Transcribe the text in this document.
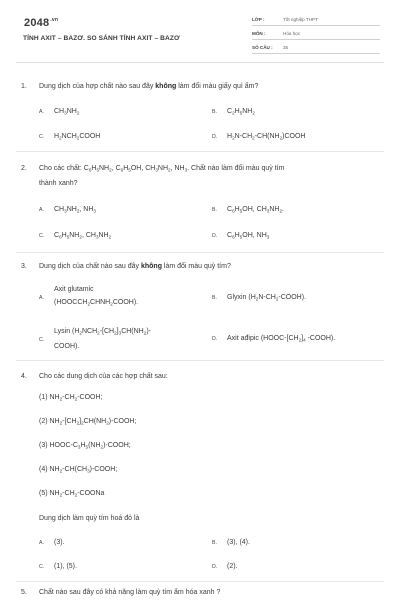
$2048^{.vn}$
TÍNH AXIT – BAZƠ. SO SÁNH TÍNH AXIT – BAZƠ
LỚP :	Tốt nghiệp THPT
MÔN :	Hóa học
SỐ CÂU : 35
1. Dung dịch của hợp chất nào sau đây không làm đổi màu giấy quì ẩm?
A. $CH_3NH_2$	B. $C_2H_5NH_2$
C. $H_2NCH_2COOH$	D. $H_2N-CH_2-CH(NH_2)COOH$
2. Cho các chất: $C_6H_5NH_2$, $C_6H_5OH$, $CH_3NH_2$, $NH_3$. Chất nào làm đổi màu quỳ tím
thành xanh?
A. $CH_3NH_2$, $NH_3$	B. $C_6H_5OH$, $CH_3NH_2$.
C. $C_6H_5NH_2$, $CH_3NH_2$	D. $C_6H_5OH$, $NH_3$
3. Dung dịch của chất nào sau đây không làm đổi màu quỳ tím?
A.
Axit glutamic
$(HOOCCH_2CHNH_2COOH)$.
B. Glyxin $(H_2N-CH_2-COOH)$.
C.
Lysin ($H_2NCH_2-[CH_2]_3CH(NH_2)-$
COOH).
D. Axit ađipic ($HOOC-[CH_2]_4$ -COOH).
4. Cho các dung dịch của các hợp chất sau:
(1) $NH_2-CH_2$-COOH;
(2) $NH_2-[CH_2]_2CH(NH_2)$-COOH;
(3) HOOC-$C_3H_5(NH_2)$-COOH;
(4) $NH_2-CH(CH_3)$-COOH;
(5) $NH_2-CH_2$-COONa
Dung dịch làm quỳ tím hoá đỏ là
A. (3).	B. (3), (4).
C. (1), (5).	D. (2).
5. Chất nào sau đây có khả năng làm quỳ tím ẩm hóa xanh ?
